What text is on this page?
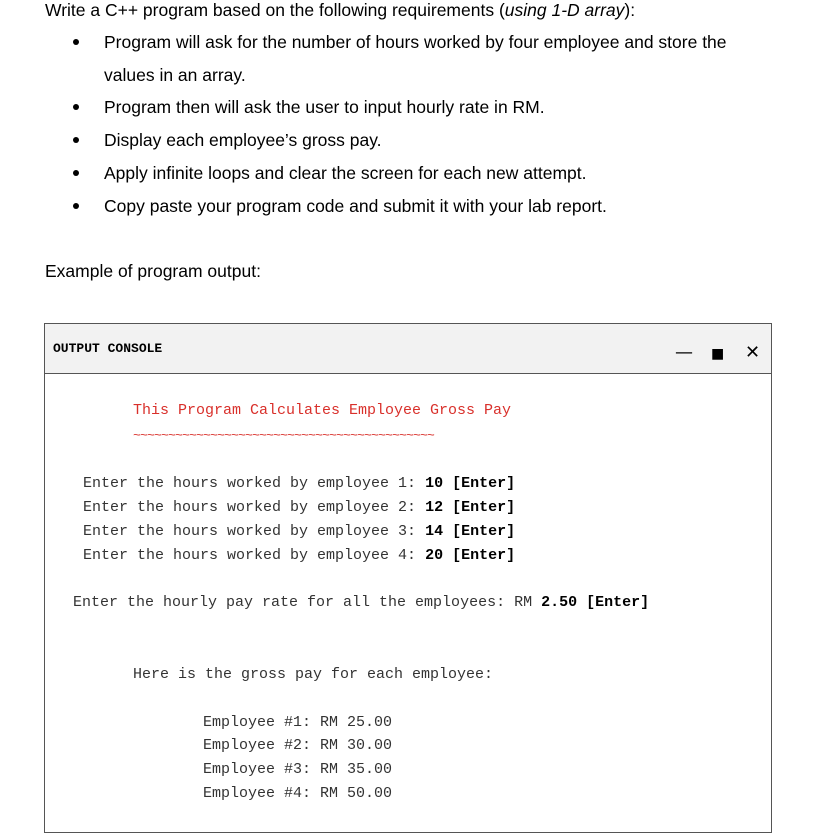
Write a C++ program based on the following requirements (using 1-D array):
Program will ask for the number of hours worked by four employee and store the
values in an array.
Program then will ask the user to input hourly rate in RM.
Display each employee’s gross pay.
Apply infinite loops and clear the screen for each new attempt.
Copy paste your program code and submit it with your lab report.
Example of program output:
OUTPUT CONSOLE	— ■ ✕
This Program Calculates Employee Gross Pay
~~~~~~~~~~~~~~~~~~~~~~~~~~~~~~~~~~~~~~~~~~~
Enter the hours worked by employee 1: 10 [Enter]
Enter the hours worked by employee 2: 12 [Enter]
Enter the hours worked by employee 3: 14 [Enter]
Enter the hours worked by employee 4: 20 [Enter]
Enter the hourly pay rate for all the employees: RM 2.50 [Enter]
Here is the gross pay for each employee:
Employee #1: RM 25.00
Employee #2: RM 30.00
Employee #3: RM 35.00
Employee #4: RM 50.00
